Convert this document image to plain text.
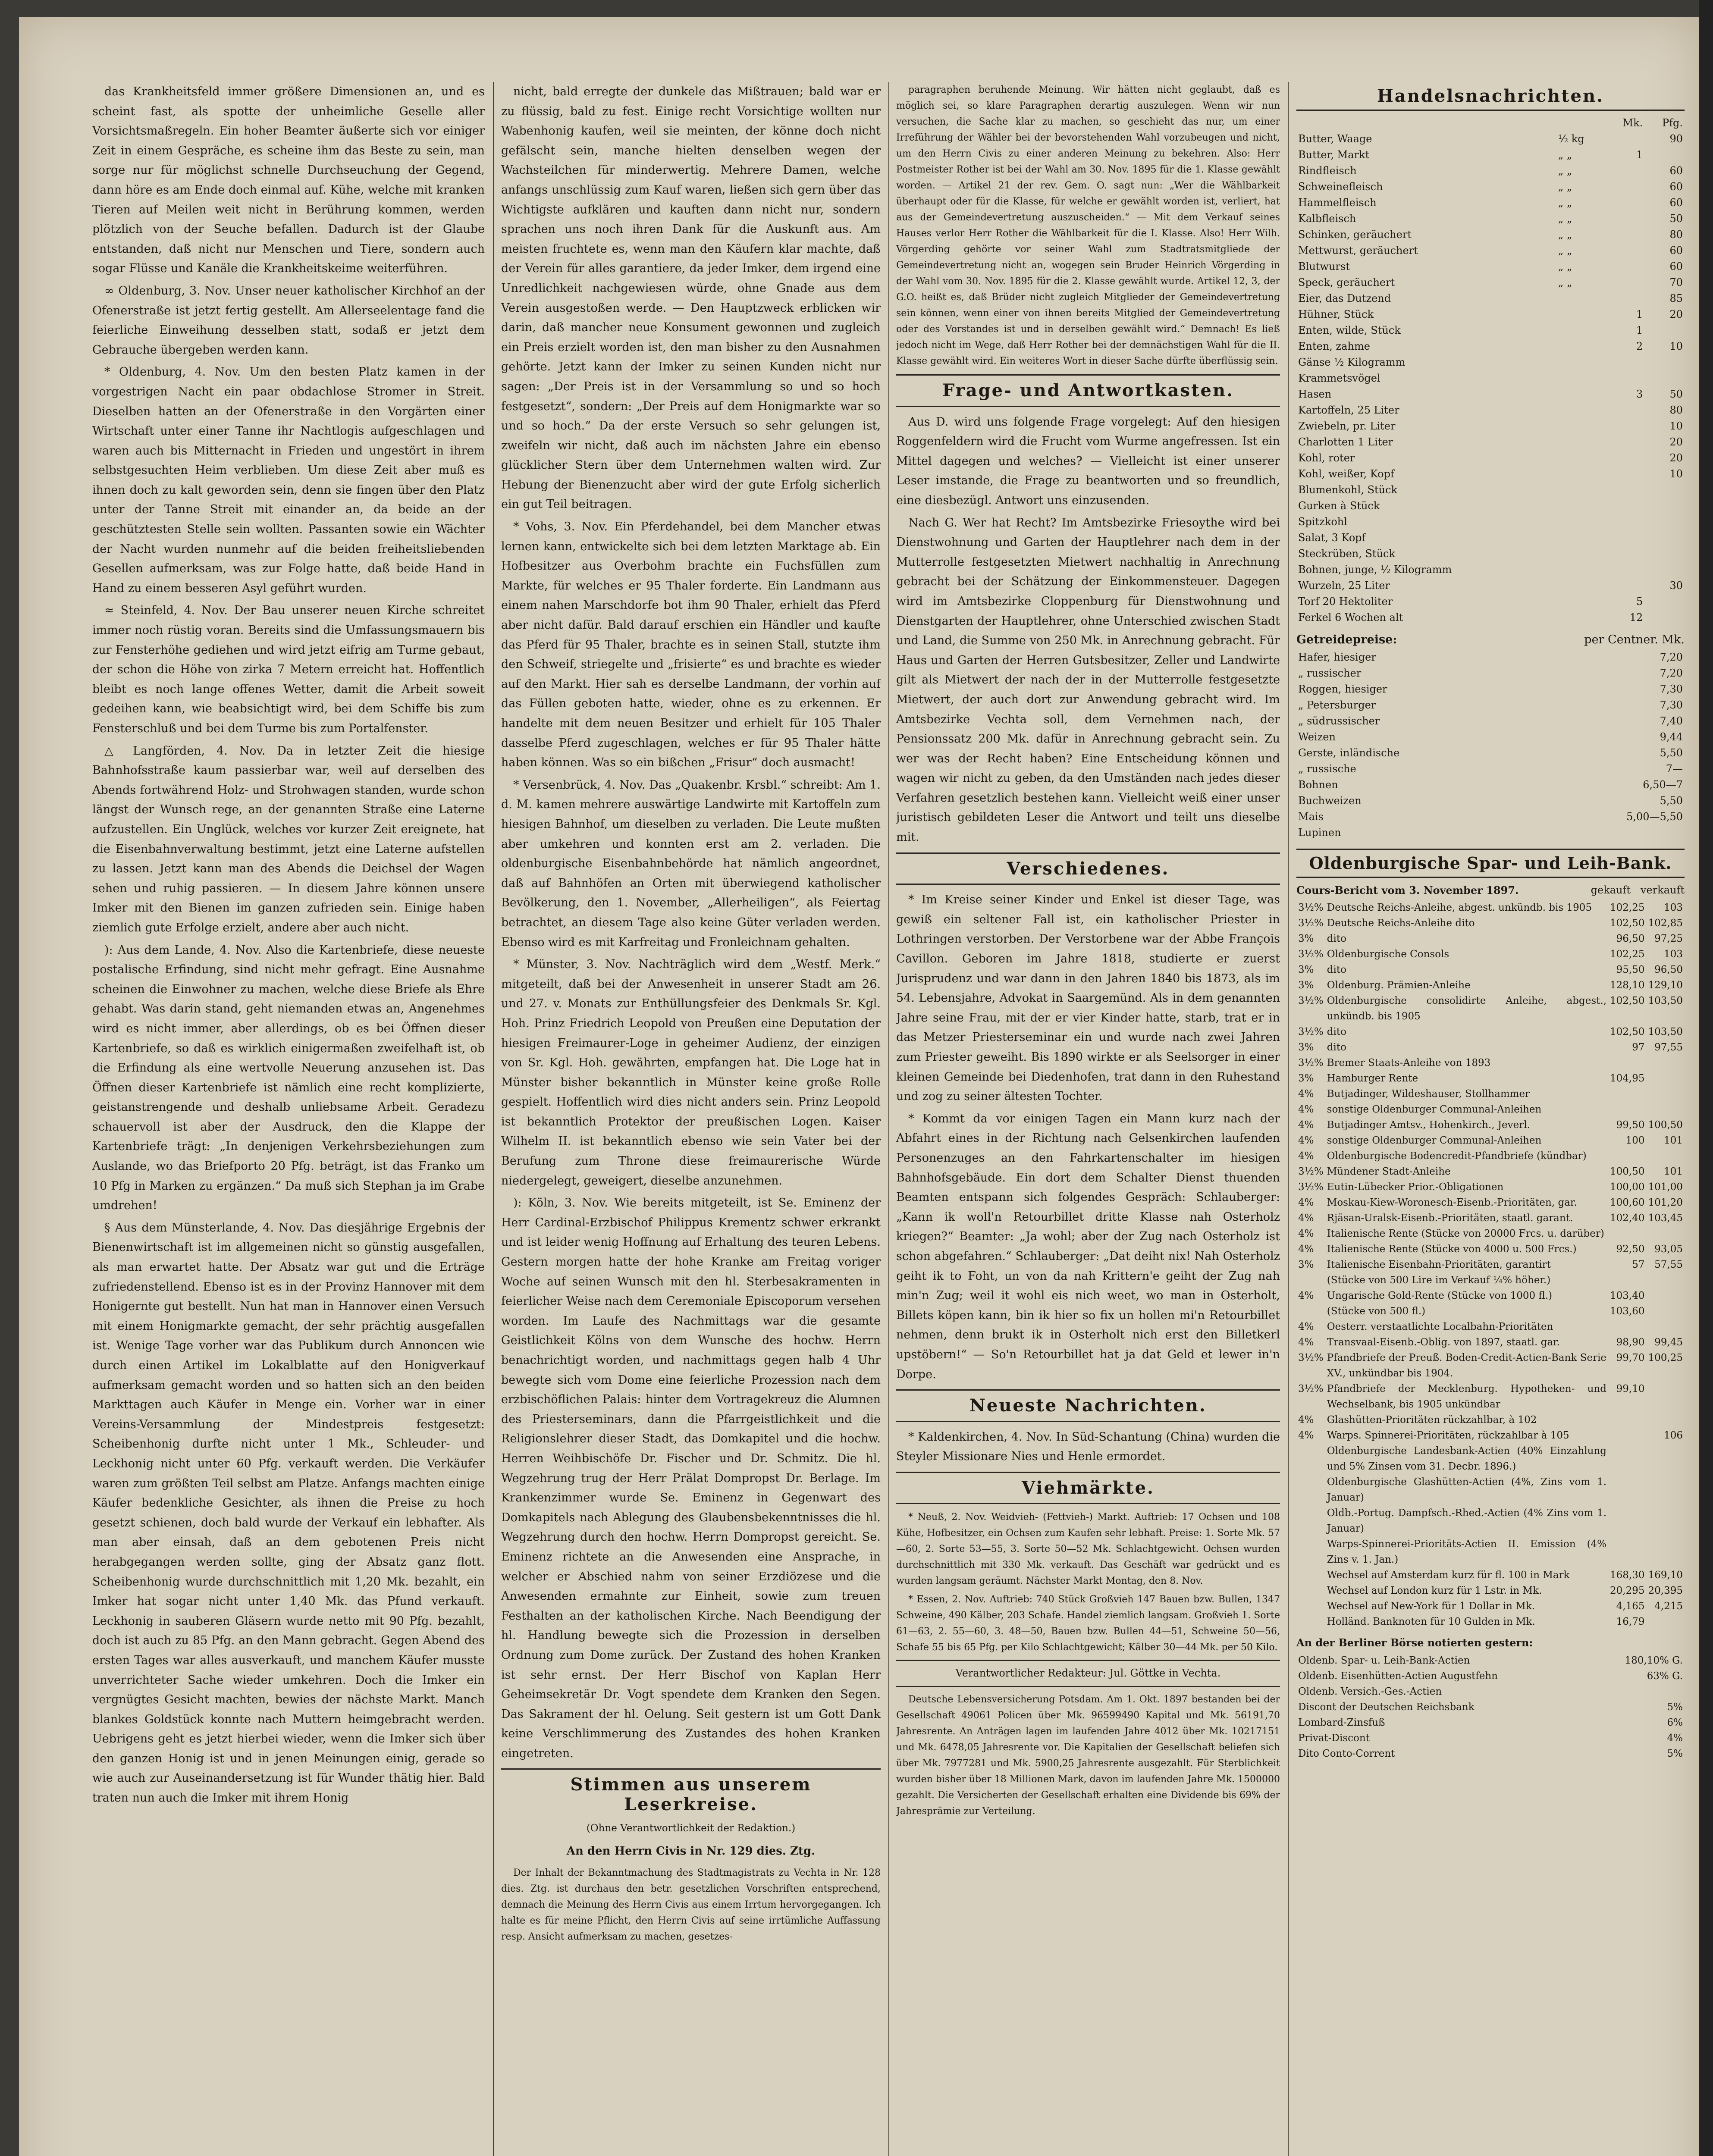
das Krankheitsfeld immer größere Dimensionen an, und es scheint fast, als spotte der unheimliche Geselle aller Vorsichtsmaßregeln. Ein hoher Beamter äußerte sich vor einiger Zeit in einem Gespräche, es scheine ihm das Beste zu sein, man sorge nur für möglichst schnelle Durchseuchung der Gegend, dann höre es am Ende doch einmal auf. Kühe, welche mit kranken Tieren auf Meilen weit nicht in Berührung kommen, werden plötzlich von der Seuche befallen. Dadurch ist der Glaube entstanden, daß nicht nur Menschen und Tiere, sondern auch sogar Flüsse und Kanäle die Krankheitskeime weiterführen.

∞ Oldenburg, 3. Nov. Unser neuer katholischer Kirchhof an der Ofenerstraße ist jetzt fertig gestellt. Am Allerseelentage fand die feierliche Einweihung desselben statt, sodaß er jetzt dem Gebrauche übergeben werden kann.

* Oldenburg, 4. Nov. Um den besten Platz kamen in der vorgestrigen Nacht ein paar obdachlose Stromer in Streit. Dieselben hatten an der Ofenerstraße in den Vorgärten einer Wirtschaft unter einer Tanne ihr Nachtlogis aufgeschlagen und waren auch bis Mitternacht in Frieden und ungestört in ihrem selbstgesuchten Heim verblieben. Um diese Zeit aber muß es ihnen doch zu kalt geworden sein, denn sie fingen über den Platz unter der Tanne Streit mit einander an, da beide an der geschütztesten Stelle sein wollten. Passanten sowie ein Wächter der Nacht wurden nunmehr auf die beiden freiheitsliebenden Gesellen aufmerksam, was zur Folge hatte, daß beide Hand in Hand zu einem besseren Asyl geführt wurden.

≈ Steinfeld, 4. Nov. Der Bau unserer neuen Kirche schreitet immer noch rüstig voran. Bereits sind die Umfassungsmauern bis zur Fensterhöhe gediehen und wird jetzt eifrig am Turme gebaut, der schon die Höhe von zirka 7 Metern erreicht hat. Hoffentlich bleibt es noch lange offenes Wetter, damit die Arbeit soweit gedeihen kann, wie beabsichtigt wird, bei dem Schiffe bis zum Fensterschluß und bei dem Turme bis zum Portalfenster.

△ Langförden, 4. Nov. Da in letzter Zeit die hiesige Bahnhofsstraße kaum passierbar war, weil auf derselben des Abends fortwährend Holz- und Strohwagen standen, wurde schon längst der Wunsch rege, an der genannten Straße eine Laterne aufzustellen. Ein Unglück, welches vor kurzer Zeit ereignete, hat die Eisenbahnverwaltung bestimmt, jetzt eine Laterne aufstellen zu lassen. Jetzt kann man des Abends die Deichsel der Wagen sehen und ruhig passieren. — In diesem Jahre können unsere Imker mit den Bienen im ganzen zufrieden sein. Einige haben ziemlich gute Erfolge erzielt, andere aber auch nicht.

): Aus dem Lande, 4. Nov. Also die Kartenbriefe, diese neueste postalische Erfindung, sind nicht mehr gefragt. Eine Ausnahme scheinen die Einwohner zu machen, welche diese Briefe als Ehre gehabt. Was darin stand, geht niemanden etwas an, Angenehmes wird es nicht immer, aber allerdings, ob es bei Öffnen dieser Kartenbriefe, so daß es wirklich einigermaßen zweifelhaft ist, ob die Erfindung als eine wertvolle Neuerung anzusehen ist. Das Öffnen dieser Kartenbriefe ist nämlich eine recht komplizierte, geistanstrengende und deshalb unliebsame Arbeit. Geradezu schauervoll ist aber der Ausdruck, den die Klappe der Kartenbriefe trägt: „In denjenigen Verkehrsbeziehungen zum Auslande, wo das Briefporto 20 Pfg. beträgt, ist das Franko um 10 Pfg in Marken zu ergänzen.“ Da muß sich Stephan ja im Grabe umdrehen!

§ Aus dem Münsterlande, 4. Nov. Das diesjährige Ergebnis der Bienenwirtschaft ist im allgemeinen nicht so günstig ausgefallen, als man erwartet hatte. Der Absatz war gut und die Erträge zufriedenstellend. Ebenso ist es in der Provinz Hannover mit dem Honigernte gut bestellt. Nun hat man in Hannover einen Versuch mit einem Honigmarkte gemacht, der sehr prächtig ausgefallen ist. Wenige Tage vorher war das Publikum durch Annoncen wie durch einen Artikel im Lokalblatte auf den Honigverkauf aufmerksam gemacht worden und so hatten sich an den beiden Markttagen auch Käufer in Menge ein. Vorher war in einer Vereins-Versammlung der Mindestpreis festgesetzt: Scheibenhonig durfte nicht unter 1 Mk., Schleuder- und Leckhonig nicht unter 60 Pfg. verkauft werden. Die Verkäufer waren zum größten Teil selbst am Platze. Anfangs machten einige Käufer bedenkliche Gesichter, als ihnen die Preise zu hoch gesetzt schienen, doch bald wurde der Verkauf ein lebhafter. Als man aber einsah, daß an dem gebotenen Preis nicht herabgegangen werden sollte, ging der Absatz ganz flott. Scheibenhonig wurde durchschnittlich mit 1,20 Mk. bezahlt, ein Imker hat sogar nicht unter 1,40 Mk. das Pfund verkauft. Leckhonig in sauberen Gläsern wurde netto mit 90 Pfg. bezahlt, doch ist auch zu 85 Pfg. an den Mann gebracht. Gegen Abend des ersten Tages war alles ausverkauft, und manchem Käufer musste unverrichteter Sache wieder umkehren. Doch die Imker ein vergnügtes Gesicht machten, bewies der nächste Markt. Manch blankes Goldstück konnte nach Muttern heimgebracht werden. Uebrigens geht es jetzt hierbei wieder, wenn die Imker sich über den ganzen Honig ist und in jenen Meinungen einig, gerade so wie auch zur Auseinandersetzung ist für Wunder thätig hier. Bald traten nun auch die Imker mit ihrem Honig

nicht, bald erregte der dunkele das Mißtrauen; bald war er zu flüssig, bald zu fest. Einige recht Vorsichtige wollten nur Wabenhonig kaufen, weil sie meinten, der könne doch nicht gefälscht sein, manche hielten denselben wegen der Wachsteilchen für minderwertig. Mehrere Damen, welche anfangs unschlüssig zum Kauf waren, ließen sich gern über das Wichtigste aufklären und kauften dann nicht nur, sondern sprachen uns noch ihren Dank für die Auskunft aus. Am meisten fruchtete es, wenn man den Käufern klar machte, daß der Verein für alles garantiere, da jeder Imker, dem irgend eine Unredlichkeit nachgewiesen würde, ohne Gnade aus dem Verein ausgestoßen werde. — Den Hauptzweck erblicken wir darin, daß mancher neue Konsument gewonnen und zugleich ein Preis erzielt worden ist, den man bisher zu den Ausnahmen gehörte. Jetzt kann der Imker zu seinen Kunden nicht nur sagen: „Der Preis ist in der Versammlung so und so hoch festgesetzt“, sondern: „Der Preis auf dem Honigmarkte war so und so hoch.“ Da der erste Versuch so sehr gelungen ist, zweifeln wir nicht, daß auch im nächsten Jahre ein ebenso glücklicher Stern über dem Unternehmen walten wird. Zur Hebung der Bienenzucht aber wird der gute Erfolg sicherlich ein gut Teil beitragen.

* Vohs, 3. Nov. Ein Pferdehandel, bei dem Mancher etwas lernen kann, entwickelte sich bei dem letzten Marktage ab. Ein Hofbesitzer aus Overbohm brachte ein Fuchsfüllen zum Markte, für welches er 95 Thaler forderte. Ein Landmann aus einem nahen Marschdorfe bot ihm 90 Thaler, erhielt das Pferd aber nicht dafür. Bald darauf erschien ein Händler und kaufte das Pferd für 95 Thaler, brachte es in seinen Stall, stutzte ihm den Schweif, striegelte und „frisierte“ es und brachte es wieder auf den Markt. Hier sah es derselbe Landmann, der vorhin auf das Füllen geboten hatte, wieder, ohne es zu erkennen. Er handelte mit dem neuen Besitzer und erhielt für 105 Thaler dasselbe Pferd zugeschlagen, welches er für 95 Thaler hätte haben können. Was so ein bißchen „Frisur“ doch ausmacht!

* Versenbrück, 4. Nov. Das „Quakenbr. Krsbl.“ schreibt: Am 1. d. M. kamen mehrere auswärtige Landwirte mit Kartoffeln zum hiesigen Bahnhof, um dieselben zu verladen. Die Leute mußten aber umkehren und konnten erst am 2. verladen. Die oldenburgische Eisenbahnbehörde hat nämlich angeordnet, daß auf Bahnhöfen an Orten mit überwiegend katholischer Bevölkerung, den 1. November, „Allerheiligen“, als Feiertag betrachtet, an diesem Tage also keine Güter verladen werden. Ebenso wird es mit Karfreitag und Fronleichnam gehalten.

* Münster, 3. Nov. Nachträglich wird dem „Westf. Merk.“ mitgeteilt, daß bei der Anwesenheit in unserer Stadt am 26. und 27. v. Monats zur Enthüllungsfeier des Denkmals Sr. Kgl. Hoh. Prinz Friedrich Leopold von Preußen eine Deputation der hiesigen Freimaurer-Loge in geheimer Audienz, der einzigen von Sr. Kgl. Hoh. gewährten, empfangen hat. Die Loge hat in Münster bisher bekanntlich in Münster keine große Rolle gespielt. Hoffentlich wird dies nicht anders sein. Prinz Leopold ist bekanntlich Protektor der preußischen Logen. Kaiser Wilhelm II. ist bekanntlich ebenso wie sein Vater bei der Berufung zum Throne diese freimaurerische Würde niedergelegt, geweigert, dieselbe anzunehmen.

): Köln, 3. Nov. Wie bereits mitgeteilt, ist Se. Eminenz der Herr Cardinal-Erzbischof Philippus Krementz schwer erkrankt und ist leider wenig Hoffnung auf Erhaltung des teuren Lebens. Gestern morgen hatte der hohe Kranke am Freitag voriger Woche auf seinen Wunsch mit den hl. Sterbesakramenten in feierlicher Weise nach dem Ceremoniale Episcoporum versehen worden. Im Laufe des Nachmittags war die gesamte Geistlichkeit Kölns von dem Wunsche des hochw. Herrn benachrichtigt worden, und nachmittags gegen halb 4 Uhr bewegte sich vom Dome eine feierliche Prozession nach dem erzbischöflichen Palais: hinter dem Vortragekreuz die Alumnen des Priesterseminars, dann die Pfarrgeistlichkeit und die Religionslehrer dieser Stadt, das Domkapitel und die hochw. Herren Weihbischöfe Dr. Fischer und Dr. Schmitz. Die hl. Wegzehrung trug der Herr Prälat Dompropst Dr. Berlage. Im Krankenzimmer wurde Se. Eminenz in Gegenwart des Domkapitels nach Ablegung des Glaubensbekenntnisses die hl. Wegzehrung durch den hochw. Herrn Dompropst gereicht. Se. Eminenz richtete an die Anwesenden eine Ansprache, in welcher er Abschied nahm von seiner Erzdiözese und die Anwesenden ermahnte zur Einheit, sowie zum treuen Festhalten an der katholischen Kirche. Nach Beendigung der hl. Handlung bewegte sich die Prozession in derselben Ordnung zum Dome zurück. Der Zustand des hohen Kranken ist sehr ernst. Der Herr Bischof von Kaplan Herr Geheimsekretär Dr. Vogt spendete dem Kranken den Segen. Das Sakrament der hl. Oelung. Seit gestern ist um Gott Dank keine Verschlimmerung des Zustandes des hohen Kranken eingetreten.

Stimmen aus unserem Leserkreise.
(Ohne Verantwortlichkeit der Redaktion.)
An den Herrn Civis in Nr. 129 dies. Ztg.

Der Inhalt der Bekanntmachung des Stadtmagistrats zu Vechta in Nr. 128 dies. Ztg. ist durchaus den betr. gesetzlichen Vorschriften entsprechend, demnach die Meinung des Herrn Civis aus einem Irrtum hervorgegangen. Ich halte es für meine Pflicht, den Herrn Civis auf seine irrtümliche Auffassung resp. Ansicht aufmerksam zu machen, gesetzes-

paragraphen beruhende Meinung. Wir hätten nicht geglaubt, daß es möglich sei, so klare Paragraphen derartig auszulegen. Wenn wir nun versuchen, die Sache klar zu machen, so geschieht das nur, um einer Irreführung der Wähler bei der bevorstehenden Wahl vorzubeugen und nicht, um den Herrn Civis zu einer anderen Meinung zu bekehren. Also: Herr Postmeister Rother ist bei der Wahl am 30. Nov. 1895 für die 1. Klasse gewählt worden. — Artikel 21 der rev. Gem. O. sagt nun: „Wer die Wählbarkeit überhaupt oder für die Klasse, für welche er gewählt worden ist, verliert, hat aus der Gemeindevertretung auszuscheiden.“ — Mit dem Verkauf seines Hauses verlor Herr Rother die Wählbarkeit für die I. Klasse. Also! Herr Wilh. Vörgerding gehörte vor seiner Wahl zum Stadtratsmitgliede der Gemeindevertretung nicht an, wogegen sein Bruder Heinrich Vörgerding in der Wahl vom 30. Nov. 1895 für die 2. Klasse gewählt wurde. Artikel 12, 3, der G.O. heißt es, daß Brüder nicht zugleich Mitglieder der Gemeindevertretung sein können, wenn einer von ihnen bereits Mitglied der Gemeindevertretung oder des Vorstandes ist und in derselben gewählt wird.“ Demnach! Es ließ jedoch nicht im Wege, daß Herr Rother bei der demnächstigen Wahl für die II. Klasse gewählt wird. Ein weiteres Wort in dieser Sache dürfte überflüssig sein.

Frage- und Antwortkasten.

Aus D. wird uns folgende Frage vorgelegt: Auf den hiesigen Roggenfeldern wird die Frucht vom Wurme angefressen. Ist ein Mittel dagegen und welches? — Vielleicht ist einer unserer Leser imstande, die Frage zu beantworten und so freundlich, eine diesbezügl. Antwort uns einzusenden.

Nach G. Wer hat Recht? Im Amtsbezirke Friesoythe wird bei Dienstwohnung und Garten der Hauptlehrer nach dem in der Mutterrolle festgesetzten Mietwert nachhaltig in Anrechnung gebracht bei der Schätzung der Einkommensteuer. Dagegen wird im Amtsbezirke Cloppenburg für Dienstwohnung und Dienstgarten der Hauptlehrer, ohne Unterschied zwischen Stadt und Land, die Summe von 250 Mk. in Anrechnung gebracht. Für Haus und Garten der Herren Gutsbesitzer, Zeller und Landwirte gilt als Mietwert der nach der in der Mutterrolle festgesetzte Mietwert, der auch dort zur Anwendung gebracht wird. Im Amtsbezirke Vechta soll, dem Vernehmen nach, der Pensionssatz 200 Mk. dafür in Anrechnung gebracht sein. Zu wer was der Recht haben? Eine Entscheidung können und wagen wir nicht zu geben, da den Umständen nach jedes dieser Verfahren gesetzlich bestehen kann. Vielleicht weiß einer unser juristisch gebildeten Leser die Antwort und teilt uns dieselbe mit.

Verschiedenes.

* Im Kreise seiner Kinder und Enkel ist dieser Tage, was gewiß ein seltener Fall ist, ein katholischer Priester in Lothringen verstorben. Der Verstorbene war der Abbe François Cavillon. Geboren im Jahre 1818, studierte er zuerst Jurisprudenz und war dann in den Jahren 1840 bis 1873, als im 54. Lebensjahre, Advokat in Saargemünd. Als in dem genannten Jahre seine Frau, mit der er vier Kinder hatte, starb, trat er in das Metzer Priesterseminar ein und wurde nach zwei Jahren zum Priester geweiht. Bis 1890 wirkte er als Seelsorger in einer kleinen Gemeinde bei Diedenhofen, trat dann in den Ruhestand und zog zu seiner ältesten Tochter.

* Kommt da vor einigen Tagen ein Mann kurz nach der Abfahrt eines in der Richtung nach Gelsenkirchen laufenden Personenzuges an den Fahrkartenschalter im hiesigen Bahnhofsgebäude. Ein dort dem Schalter Dienst thuenden Beamten entspann sich folgendes Gespräch: Schlauberger: „Kann ik woll'n Retourbillet dritte Klasse nah Osterholz kriegen?“ Beamter: „Ja wohl; aber der Zug nach Osterholz ist schon abgefahren.“ Schlauberger: „Dat deiht nix! Nah Osterholz geiht ik to Foht, un von da nah Krittern'e geiht der Zug nah min'n Zug; weil it wohl eis nich weet, wo man in Osterholt, Billets köpen kann, bin ik hier so fix un hollen mi'n Retourbillet nehmen, denn brukt ik in Osterholt nich erst den Billetkerl upstöbern!“ — So'n Retourbillet hat ja dat Geld et lewer in'n Dorpe.

Neueste Nachrichten.

* Kaldenkirchen, 4. Nov. In Süd-Schantung (China) wurden die Steyler Missionare Nies und Henle ermordet.

Viehmärkte.

* Neuß, 2. Nov. Weidvieh- (Fettvieh-) Markt. Auftrieb: 17 Ochsen und 108 Kühe, Hofbesitzer, ein Ochsen zum Kaufen sehr lebhaft. Preise: 1. Sorte Mk. 57—60, 2. Sorte 53—55, 3. Sorte 50—52 Mk. Schlachtgewicht. Ochsen wurden durchschnittlich mit 330 Mk. verkauft. Das Geschäft war gedrückt und es wurden langsam geräumt. Nächster Markt Montag, den 8. Nov.

* Essen, 2. Nov. Auftrieb: 740 Stück Großvieh 147 Bauen bzw. Bullen, 1347 Schweine, 490 Kälber, 203 Schafe. Handel ziemlich langsam. Großvieh 1. Sorte 61—63, 2. 55—60, 3. 48—50, Bauen bzw. Bullen 44—51, Schweine 50—56, Schafe 55 bis 65 Pfg. per Kilo Schlachtgewicht; Kälber 30—44 Mk. per 50 Kilo.

Verantwortlicher Redakteur: Jul. Göttke in Vechta.

Deutsche Lebensversicherung Potsdam. Am 1. Okt. 1897 bestanden bei der Gesellschaft 49061 Policen über Mk. 96599490 Kapital und Mk. 56191,70 Jahresrente. An Anträgen lagen im laufenden Jahre 4012 über Mk. 10217151 und Mk. 6478,05 Jahresrente vor. Die Kapitalien der Gesellschaft beliefen sich über Mk. 7977281 und Mk. 5900,25 Jahresrente ausgezahlt. Für Sterblichkeit wurden bisher über 18 Millionen Mark, davon im laufenden Jahre Mk. 1500000 gezahlt. Die Versicherten der Gesellschaft erhalten eine Dividende bis 69% der Jahresprämie zur Verteilung.

Handelsnachrichten.
		Mk.	Pfg.
Butter, Waage	½ kg		90
Butter, Markt	„ „	1	
Rindfleisch	„ „		60
Schweinefleisch	„ „		60
Hammelfleisch	„ „		60
Kalbfleisch	„ „		50
Schinken, geräuchert	„ „		80
Mettwurst, geräuchert	„ „		60
Blutwurst	„ „		60
Speck, geräuchert	„ „		70
Eier, das Dutzend			85
Hühner, Stück		1	20
Enten, wilde, Stück		1	
Enten, zahme		2	10
Gänse ½ Kilogramm			
Krammetsvögel			
Hasen		3	50
Kartoffeln, 25 Liter			80
Zwiebeln, pr. Liter			10
Charlotten 1 Liter			20
Kohl, roter			20
Kohl, weißer, Kopf			10
Blumenkohl, Stück			
Gurken à Stück			
Spitzkohl			
Salat, 3 Kopf			
Steckrüben, Stück			
Bohnen, junge, ½ Kilogramm			
Wurzeln, 25 Liter			30
Torf 20 Hektoliter		5	
Ferkel 6 Wochen alt		12	
Getreidepreise:	per Centner. Mk.
Hafer, hiesiger	7,20
„ russischer	7,20
Roggen, hiesiger	7,30
„ Petersburger	7,30
„ südrussischer	7,40
Weizen	9,44
Gerste, inländische	5,50
„ russische	7—
Bohnen	6,50—7
Buchweizen	5,50
Mais	5,00—5,50
Lupinen	
Oldenburgische Spar- und Leih-Bank.
Cours-Bericht vom 3. November 1897.	gekauft verkauft
3½%	Deutsche Reichs-Anleihe, abgest. unkündb. bis 1905	102,25	103
3½%	Deutsche Reichs-Anleihe dito	102,50	102,85
3%	dito	96,50	97,25
3½%	Oldenburgische Consols	102,25	103
3%	dito	95,50	96,50
3%	Oldenburg. Prämien-Anleihe	128,10	129,10
3½%	Oldenburgische consolidirte Anleihe, abgest., unkündb. bis 1905	102,50	103,50
3½%	dito	102,50	103,50
3%	dito	97	97,55
3½%	Bremer Staats-Anleihe von 1893		
3%	Hamburger Rente	104,95	
4%	Butjadinger, Wildeshauser, Stollhammer		
4%	sonstige Oldenburger Communal-Anleihen		
4%	Butjadinger Amtsv., Hohenkirch., Jeverl.	99,50	100,50
4%	sonstige Oldenburger Communal-Anleihen	100	101
4%	Oldenburgische Bodencredit-Pfandbriefe (kündbar)		
3½%	Mündener Stadt-Anleihe	100,50	101
3½%	Eutin-Lübecker Prior.-Obligationen	100,00	101,00
4%	Moskau-Kiew-Woronesch-Eisenb.-Prioritäten, gar.	100,60	101,20
4%	Rjäsan-Uralsk-Eisenb.-Prioritäten, staatl. garant.	102,40	103,45
4%	Italienische Rente (Stücke von 20000 Frcs. u. darüber)		
4%	Italienische Rente (Stücke von 4000 u. 500 Frcs.)	92,50	93,05
3%	Italienische Eisenbahn-Prioritäten, garantirt	57	57,55
	(Stücke von 500 Lire im Verkauf ¼% höher.)		
4%	Ungarische Gold-Rente (Stücke von 1000 fl.)	103,40	
	(Stücke von 500 fl.)	103,60	
4%	Oesterr. verstaatlichte Localbahn-Prioritäten		
4%	Transvaal-Eisenb.-Oblig. von 1897, staatl. gar.	98,90	99,45
3½%	Pfandbriefe der Preuß. Boden-Credit-Actien-Bank Serie XV., unkündbar bis 1904.	99,70	100,25
3½%	Pfandbriefe der Mecklenburg. Hypotheken- und Wechselbank, bis 1905 unkündbar	99,10	
4%	Glashütten-Prioritäten rückzahlbar, à 102		
4%	Warps. Spinnerei-Prioritäten, rückzahlbar à 105		106
	Oldenburgische Landesbank-Actien (40% Einzahlung und 5% Zinsen vom 31. Decbr. 1896.)		
	Oldenburgische Glashütten-Actien (4%, Zins vom 1. Januar)		
	Oldb.-Portug. Dampfsch.-Rhed.-Actien (4% Zins vom 1. Januar)		
	Warps-Spinnerei-Prioritäts-Actien II. Emission (4% Zins v. 1. Jan.)		
	Wechsel auf Amsterdam kurz für fl. 100 in Mark	168,30	169,10
	Wechsel auf London kurz für 1 Lstr. in Mk.	20,295	20,395
	Wechsel auf New-York für 1 Dollar in Mk.	4,165	4,215
	Holländ. Banknoten für 10 Gulden in Mk.	16,79	
An der Berliner Börse notierten gestern:
Oldenb. Spar- u. Leih-Bank-Actien	180,10% G.
Oldenb. Eisenhütten-Actien Augustfehn	63% G.
Oldenb. Versich.-Ges.-Actien	
Discont der Deutschen Reichsbank	5%
Lombard-Zinsfuß	6%
Privat-Discont	4%
Dito Conto-Corrent	5%
